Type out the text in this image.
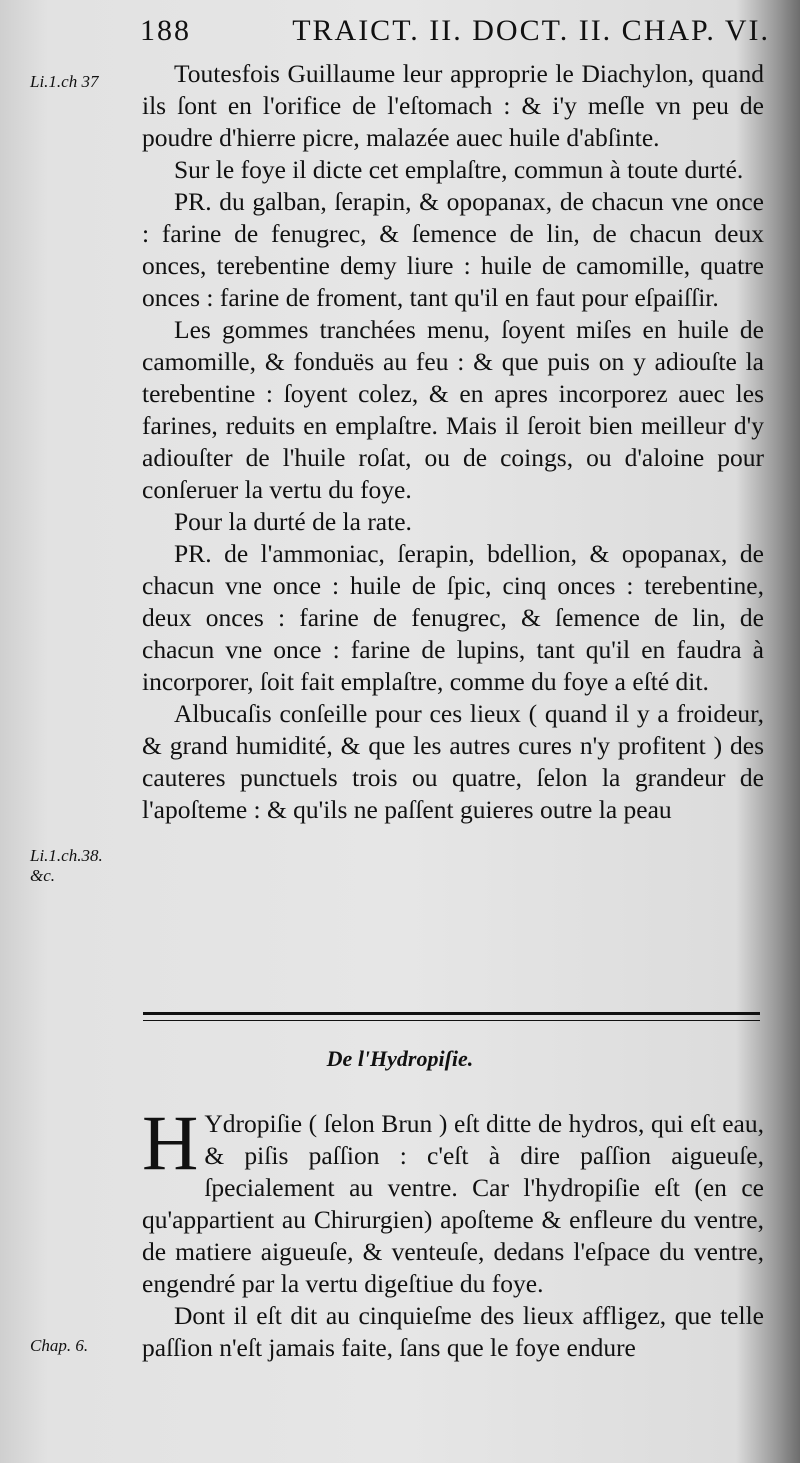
188	TRAICT. II. DOCT. II. CHAP. VI.
Li.1.ch 37
Li.1.ch.38. &c.
Chap. 6.

Toutesfois Guillaume leur approprie le Diachylon, quand ils ſont en l'orifice de l'eſtomach : & i'y meſle vn peu de poudre d'hierre picre, malazée auec huile d'abſinte.

Sur le foye il dicte cet emplaſtre, commun à toute durté.

PR. du galban, ſerapin, & opopanax, de chacun vne once : farine de fenugrec, & ſemence de lin, de chacun deux onces, terebentine demy liure : huile de camomille, quatre onces : farine de froment, tant qu'il en faut pour eſpaiſſir.

Les gommes tranchées menu, ſoyent miſes en huile de camomille, & fonduës au feu : & que puis on y adiouſte la terebentine : ſoyent colez, & en apres incorporez auec les farines, reduits en emplaſtre. Mais il ſeroit bien meilleur d'y adiouſter de l'huile roſat, ou de coings, ou d'aloine pour conſeruer la vertu du foye.

Pour la durté de la rate.

PR. de l'ammoniac, ſerapin, bdellion, & opopanax, de chacun vne once : huile de ſpic, cinq onces : terebentine, deux onces : farine de fenugrec, & ſemence de lin, de chacun vne once : farine de lupins, tant qu'il en faudra à incorporer, ſoit fait emplaſtre, comme du foye a eſté dit.

Albucaſis conſeille pour ces lieux ( quand il y a froideur, & grand humidité, & que les autres cures n'y profitent ) des cauteres punctuels trois ou quatre, ſelon la grandeur de l'apoſteme : & qu'ils ne paſſent guieres outre la peau

De l'Hydropiſie.

H Ydropiſie ( ſelon Brun ) eſt ditte de hydros, qui eſt eau, & piſis paſſion : c'eſt à dire paſſion aigueuſe, ſpecialement au ventre. Car l'hydropiſie eſt (en ce qu'appartient au Chirurgien) apoſteme & enfleure du ventre, de matiere aigueuſe, & venteuſe, dedans l'eſpace du ventre, engendré par la vertu digeſtiue du foye.

Dont il eſt dit au cinquieſme des lieux affligez, que telle paſſion n'eſt jamais faite, ſans que le foye endure
